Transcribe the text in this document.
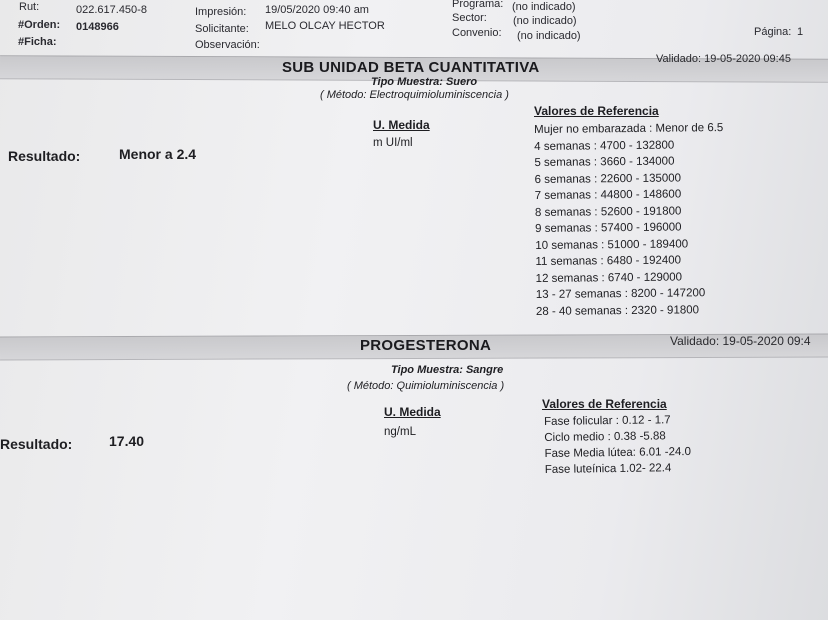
Rut:	022.617.450-8
#Orden: 0148966
#Ficha:
Impresión: 19/05/2020 09:40 am
Solicitante: MELO OLCAY HECTOR
Observación:
Programa: (no indicado)
Sector: (no indicado)
Convenio: (no indicado)	Página: 1
SUB UNIDAD BETA CUANTITATIVA	Validado: 19-05-2020 09:45
Tipo Muestra: Suero
( Método: Electroquimioluminiscencia )
U. Medida
m UI/ml
Valores de Referencia
Resultado:	Menor a 2.4
Mujer no embarazada : Menor de 6.5
4 semanas : 4700 - 132800
5 semanas : 3660 - 134000
6 semanas : 22600 - 135000
7 semanas : 44800 - 148600
8 semanas : 52600 - 191800
9 semanas : 57400 - 196000
10 semanas : 51000 - 189400
11 semanas : 6480 - 192400
12 semanas : 6740 - 129000
13 - 27 semanas : 8200 - 147200
28 - 40 semanas : 2320 - 91800
PROGESTERONA	Validado: 19-05-2020 09:4
Tipo Muestra: Sangre
( Método: Quimioluminiscencia )
U. Medida
ng/mL
Valores de Referencia
Resultado:	17.40
Fase folicular : 0.12 - 1.7
Ciclo medio : 0.38 -5.88
Fase Media lútea: 6.01 -24.0
Fase luteínica 1.02- 22.4
